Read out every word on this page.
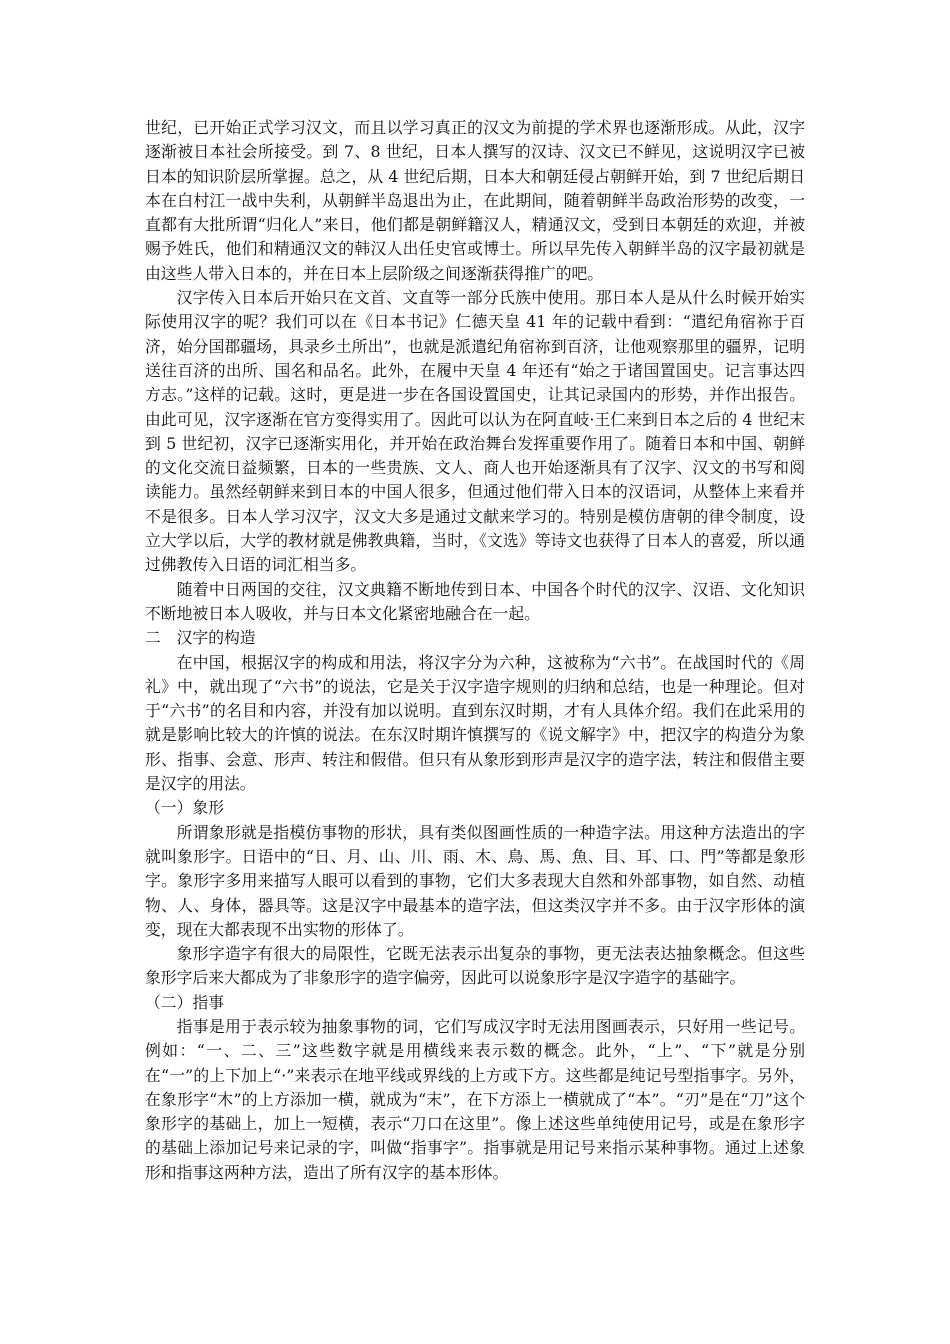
世纪，已开始正式学习汉文，而且以学习真正的汉文为前提的学术界也逐渐形成。从此，汉字逐渐被日本社会所接受。到 7、8 世纪，日本人撰写的汉诗、汉文已不鲜见，这说明汉字已被日本的知识阶层所掌握。总之，从 4 世纪后期，日本大和朝廷侵占朝鲜开始，到 7 世纪后期日本在白村江一战中失利，从朝鲜半岛退出为止，在此期间，随着朝鲜半岛政治形势的改变，一直都有大批所谓“归化人”来日，他们都是朝鲜籍汉人，精通汉文，受到日本朝廷的欢迎，并被赐予姓氏，他们和精通汉文的韩汉人出任史官或博士。所以早先传入朝鲜半岛的汉字最初就是由这些人带入日本的，并在日本上层阶级之间逐渐获得推广的吧。

汉字传入日本后开始只在文首、文直等一部分氏族中使用。那日本人是从什么时候开始实际使用汉字的呢？我们可以在《日本书记》仁德天皇 41 年的记载中看到：“遣纪角宿祢于百济，始分国郡疆场，具录乡土所出”，也就是派遣纪角宿祢到百济，让他观察那里的疆界，记明送往百济的出所、国名和品名。此外，在履中天皇 4 年还有“始之于诸国置国史。记言事达四方志。”这样的记载。这时，更是进一步在各国设置国史，让其记录国内的形势，并作出报告。由此可见，汉字逐渐在官方变得实用了。因此可以认为在阿直岐·王仁来到日本之后的 4 世纪末到 5 世纪初，汉字已逐渐实用化，并开始在政治舞台发挥重要作用了。随着日本和中国、朝鲜的文化交流日益频繁，日本的一些贵族、文人、商人也开始逐渐具有了汉字、汉文的书写和阅读能力。虽然经朝鲜来到日本的中国人很多，但通过他们带入日本的汉语词，从整体上来看并不是很多。日本人学习汉字，汉文大多是通过文献来学习的。特别是模仿唐朝的律令制度，设立大学以后，大学的教材就是佛教典籍，当时，《文选》等诗文也获得了日本人的喜爱，所以通过佛教传入日语的词汇相当多。

随着中日两国的交往，汉文典籍不断地传到日本、中国各个时代的汉字、汉语、文化知识不断地被日本人吸收，并与日本文化紧密地融合在一起。

二　汉字的构造

在中国，根据汉字的构成和用法，将汉字分为六种，这被称为“六书”。在战国时代的《周礼》中，就出现了“六书”的说法，它是关于汉字造字规则的归纳和总结，也是一种理论。但对于“六书”的名目和内容，并没有加以说明。直到东汉时期，才有人具体介绍。我们在此采用的就是影响比较大的许慎的说法。在东汉时期许慎撰写的《说文解字》中，把汉字的构造分为象形、指事、会意、形声、转注和假借。但只有从象形到形声是汉字的造字法，转注和假借主要是汉字的用法。

（一）象形

所谓象形就是指模仿事物的形状，具有类似图画性质的一种造字法。用这种方法造出的字就叫象形字。日语中的“日、月、山、川、雨、木、鳥、馬、魚、目、耳、口、門”等都是象形字。象形字多用来描写人眼可以看到的事物，它们大多表现大自然和外部事物，如自然、动植物、人、身体，器具等。这是汉字中最基本的造字法，但这类汉字并不多。由于汉字形体的演变，现在大都表现不出实物的形体了。

象形字造字有很大的局限性，它既无法表示出复杂的事物，更无法表达抽象概念。但这些象形字后来大都成为了非象形字的造字偏旁，因此可以说象形字是汉字造字的基础字。

（二）指事

指事是用于表示较为抽象事物的词，它们写成汉字时无法用图画表示，只好用一些记号。例如：“一、二、三”这些数字就是用横线来表示数的概念。此外，“上”、“下”就是分别在“一”的上下加上“·”来表示在地平线或界线的上方或下方。这些都是纯记号型指事字。另外，在象形字“木”的上方添加一横，就成为“末”，在下方添上一横就成了“本”。“刃”是在“刀”这个象形字的基础上，加上一短横，表示“刀口在这里”。像上述这些单纯使用记号，或是在象形字的基础上添加记号来记录的字，叫做“指事字”。指事就是用记号来指示某种事物。通过上述象形和指事这两种方法，造出了所有汉字的基本形体。
